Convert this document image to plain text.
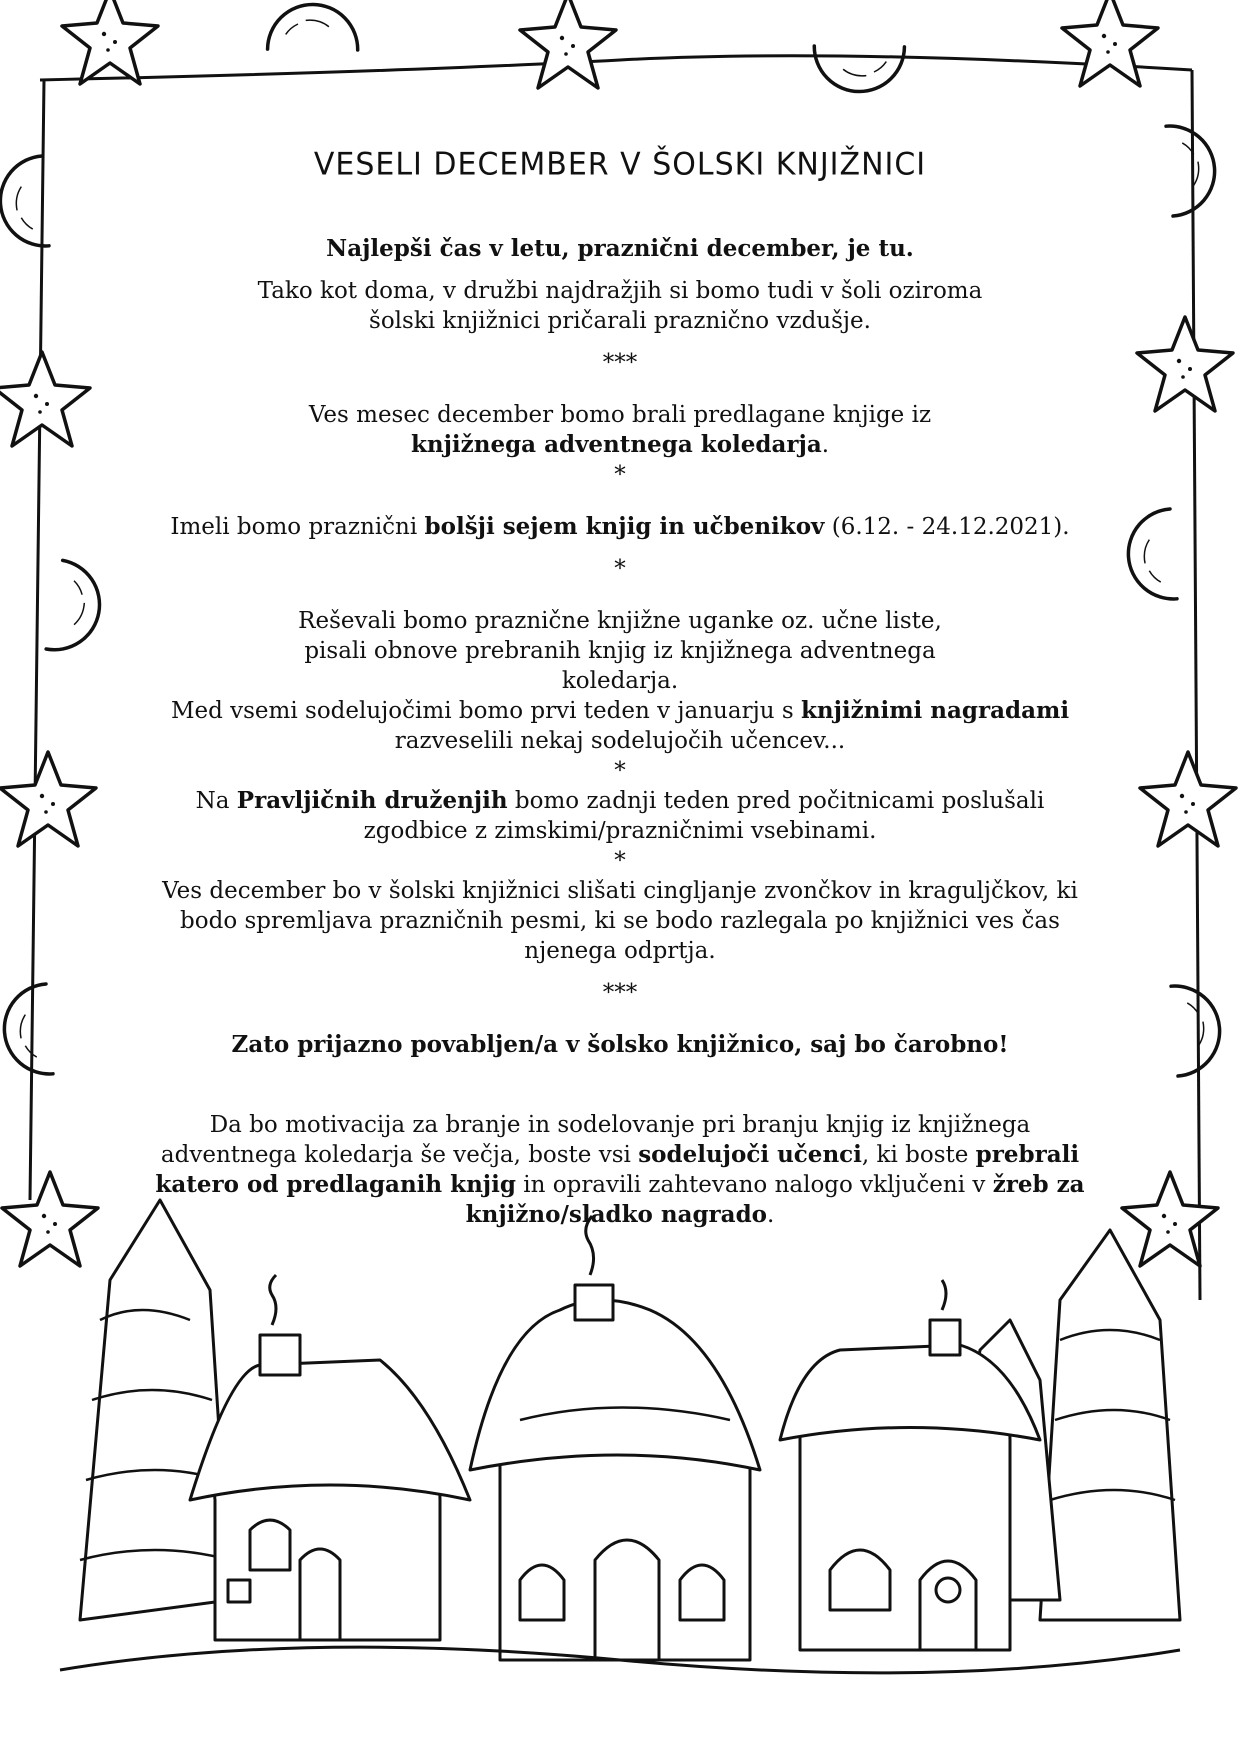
VESELI DECEMBER V ŠOLSKI KNJIŽNICI

Najlepši čas v letu, praznični december, je tu.

Tako kot doma, v družbi najdražjih si bomo tudi v šoli oziroma šolski knjižnici pričarali praznično vzdušje.

***

Ves mesec december bomo brali predlagane knjige iz
knjižnega adventnega koledarja.

*

Imeli bomo praznični bolšji sejem knjig in učbenikov (6.12. - 24.12.2021).

*

Reševali bomo praznične knjižne uganke oz. učne liste, pisali obnove prebranih knjig iz knjižnega adventnega koledarja.
Med vsemi sodelujočimi bomo prvi teden v januarju s knjižnimi nagradami razveselili nekaj sodelujočih učencev...

*

Na Pravljičnih druženjih bomo zadnji teden pred počitnicami poslušali zgodbice z zimskimi/prazničnimi vsebinami.

*

Ves december bo v šolski knjižnici slišati cingljanje zvončkov in kraguljčkov, ki bodo spremljava prazničnih pesmi, ki se bodo razlegala po knjižnici ves čas njenega odprtja.

***

Zato prijazno povabljen/a v šolsko knjižnico, saj bo čarobno!

Da bo motivacija za branje in sodelovanje pri branju knjig iz knjižnega adventnega koledarja še večja, boste vsi sodelujoči učenci, ki boste prebrali katero od predlaganih knjig in opravili zahtevano nalogo vključeni v žreb za knjižno/sladko nagrado.
